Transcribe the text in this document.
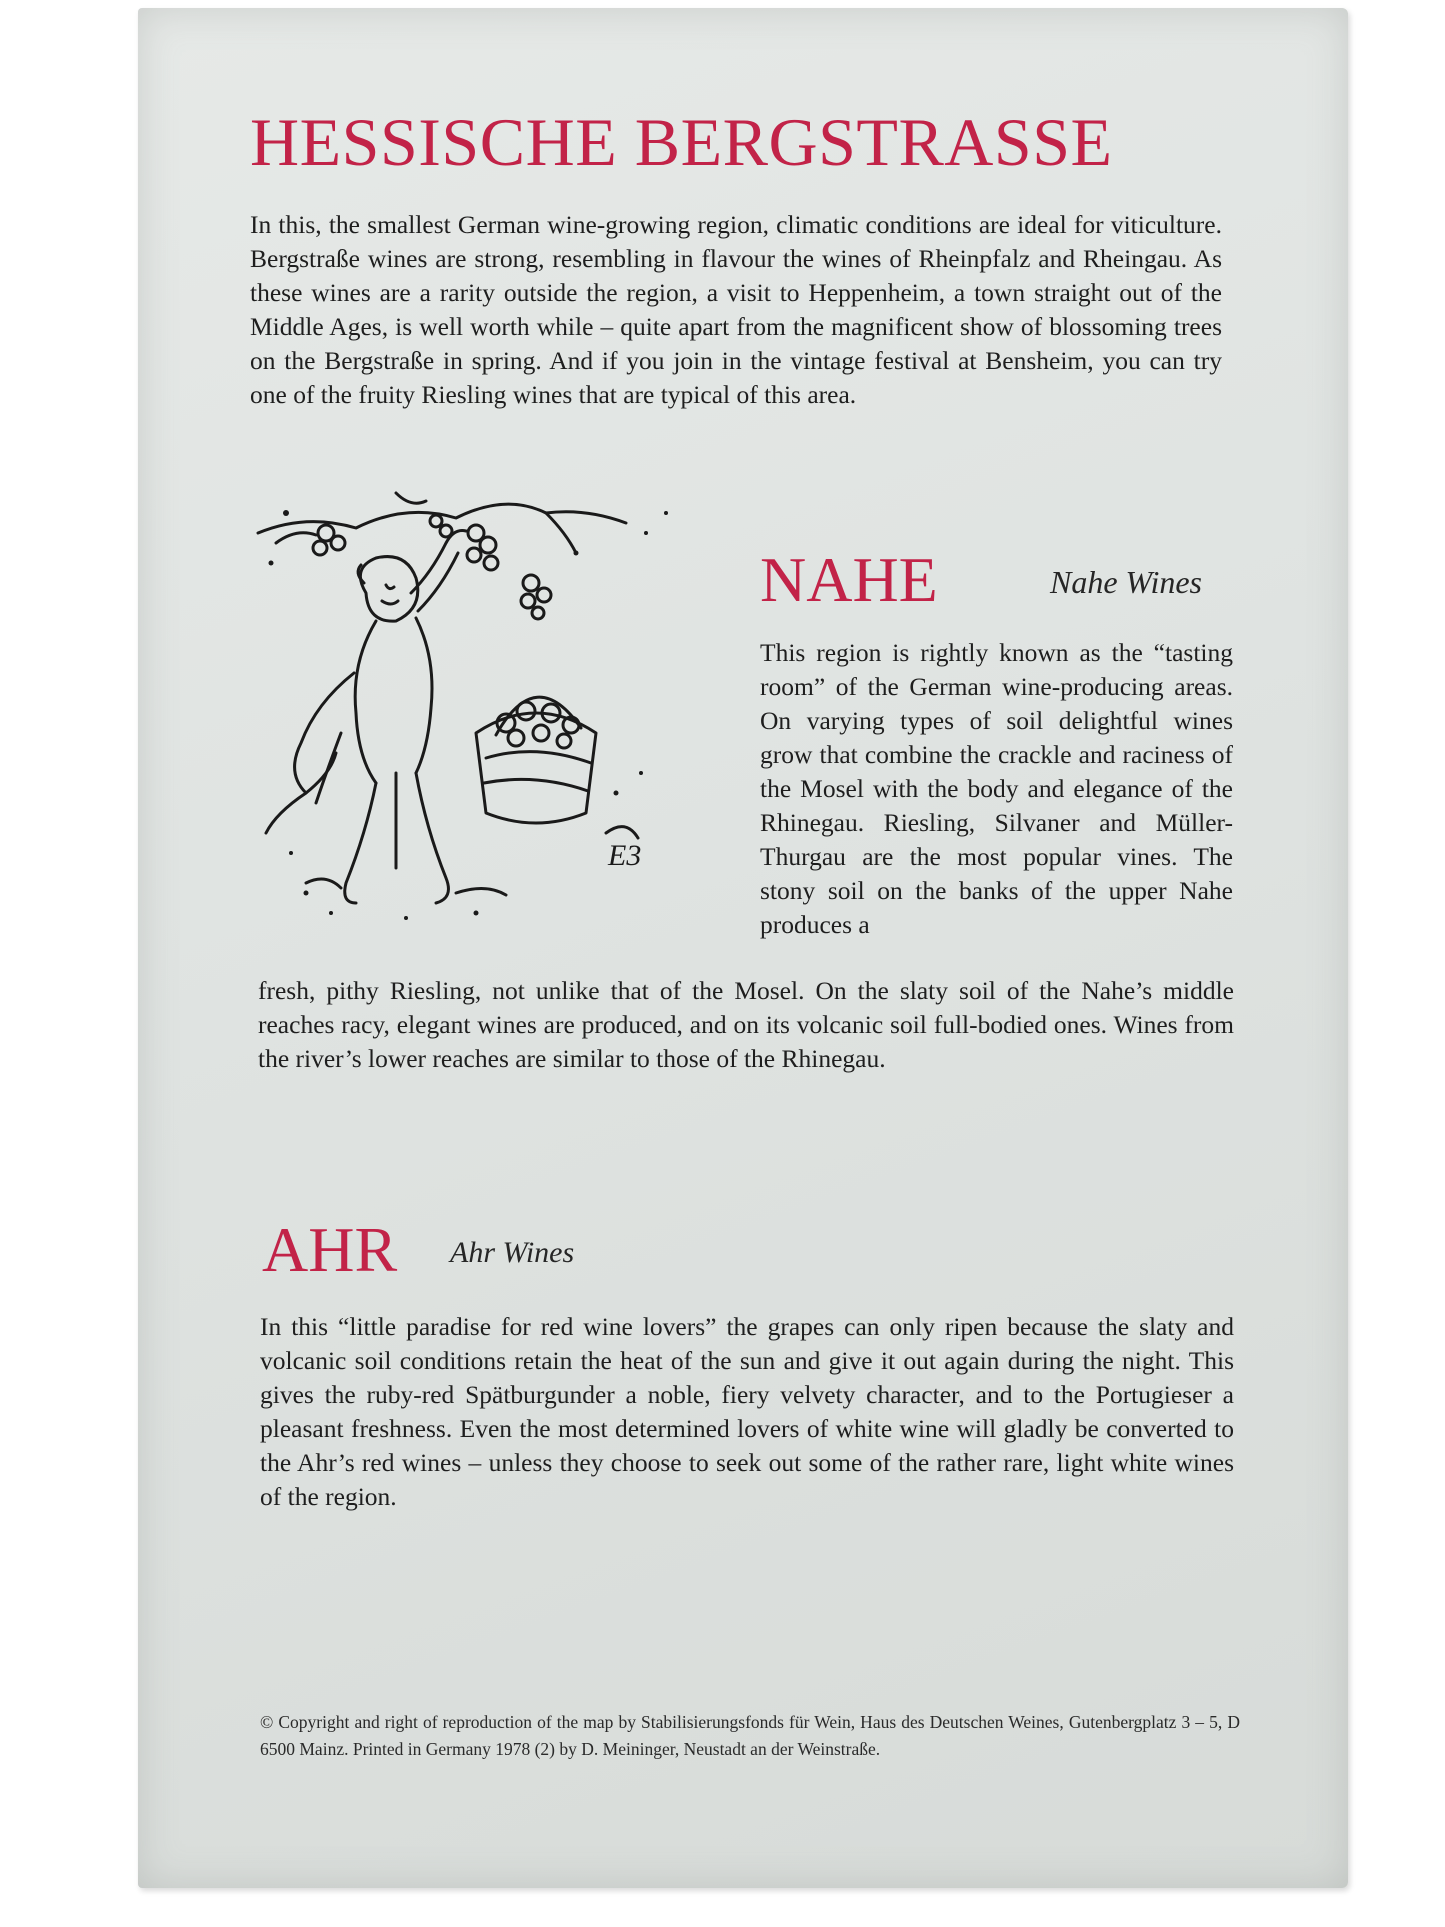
HESSISCHE BERGSTRASSE

In this, the smallest German wine-growing region, climatic conditions are ideal for viticulture. Bergstraße wines are strong, resembling in flavour the wines of Rheinpfalz and Rheingau. As these wines are a rarity outside the region, a visit to Heppenheim, a town straight out of the Middle Ages, is well worth while – quite apart from the magnificent show of blossoming trees on the Bergstraße in spring. And if you join in the vintage festival at Bensheim, you can try one of the fruity Riesling wines that are typical of this area.

E3
NAHE	Nahe Wines

This region is rightly known as the “tasting room” of the German wine-producing areas. On varying types of soil delightful wines grow that combine the crackle and raciness of the Mosel with the body and elegance of the Rhinegau. Riesling, Silvaner and Müller-Thurgau are the most popular vines. The stony soil on the banks of the upper Nahe produces a

fresh, pithy Riesling, not unlike that of the Mosel. On the slaty soil of the Nahe’s middle reaches racy, elegant wines are produced, and on its volcanic soil full-bodied ones. Wines from the river’s lower reaches are similar to those of the Rhinegau.

AHR Ahr Wines

In this “little paradise for red wine lovers” the grapes can only ripen because the slaty and volcanic soil conditions retain the heat of the sun and give it out again during the night. This gives the ruby-red Spätburgunder a noble, fiery velvety character, and to the Portugieser a pleasant freshness. Even the most determined lovers of white wine will gladly be converted to the Ahr’s red wines – unless they choose to seek out some of the rather rare, light white wines of the region.

© Copyright and right of reproduction of the map by Stabilisierungsfonds für Wein, Haus des Deutschen Weines, Gutenbergplatz 3 – 5, D 6500 Mainz. Printed in Germany 1978 (2) by D. Meininger, Neustadt an der Weinstraße.
